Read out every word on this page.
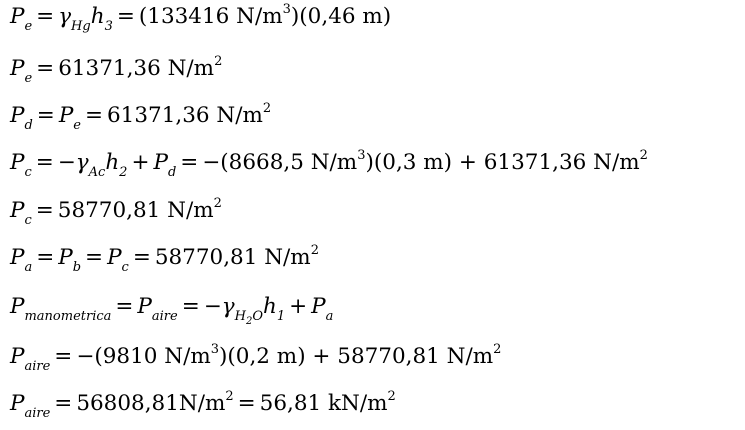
$P_e = \gamma_{Hg}h_3 = (133416$ $N/m^3)(0,46$ m)
$P_e = 61371,36$ $N/m^2$
$P_d = P_e = 61371,36$ $N/m^2$
$P_c = -\gamma_{Ac}h_2 + P_d = -(8668,5$ $N/m^3)(0,3$ m) + 61371,36 $N/m^2$
$P_c = 58770,81$ $N/m^2$
$P_a = P_b = P_c = 58770,81$ $N/m^2$
$P_{manometrica} = P_{aire} = -\gamma_{H_2O}h_1 + P_a$
$P_{aire} = -(9810$ $N/m^3)(0,2$ m) + 58770,81 $N/m^2$
$P_{aire} = 56808,81N/m^2 = 56,81$ $kN/m^2$
